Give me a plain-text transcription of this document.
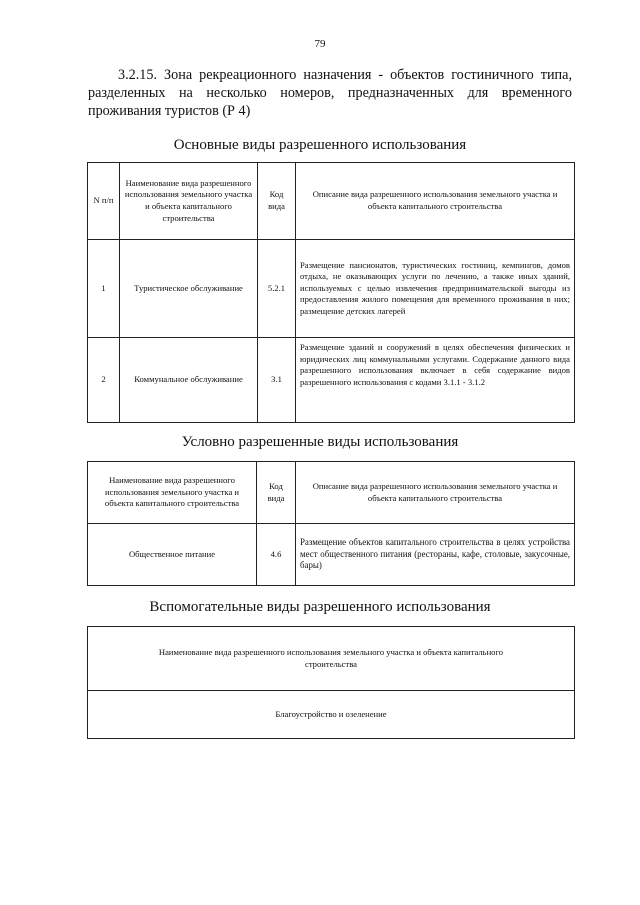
79

3.2.15. Зона рекреационного назначения - объектов гостиничного типа, разделенных на несколько номеров, предназначенных для временного проживания туристов (Р 4)

Основные виды разрешенного использования
N п/п	Наименование вида разрешенного использования земельного участка и объекта капитального строительства	Код вида	Описание вида разрешенного использования земельного участка и объекта капитального строительства
1	Туристическое обслуживание	5.2.1	Размещение пансионатов, туристических гостиниц, кемпингов, домов отдыха, не оказывающих услуги по лечению, а также иных зданий, используемых с целью извлечения предпринимательской выгоды из предоставления жилого помещения для временного проживания в них; размещение детских лагерей
2	Коммунальное обслуживание	3.1	Размещение зданий и сооружений в целях обеспечения физических и юридических лиц коммунальными услугами. Содержание данного вида разрешенного использования включает в себя содержание видов разрешенного использования с кодами 3.1.1 - 3.1.2
Условно разрешенные виды использования
Наименование вида разрешенного использования земельного участка и объекта капитального строительства	Код вида	Описание вида разрешенного использования земельного участка и объекта капитального строительства
Общественное питание	4.6	Размещение объектов капитального строительства в целях устройства мест общественного питания (рестораны, кафе, столовые, закусочные, бары)
Вспомогательные виды разрешенного использования
Наименование вида разрешенного использования земельного участка и объекта капитального строительства
Благоустройство и озеленение
